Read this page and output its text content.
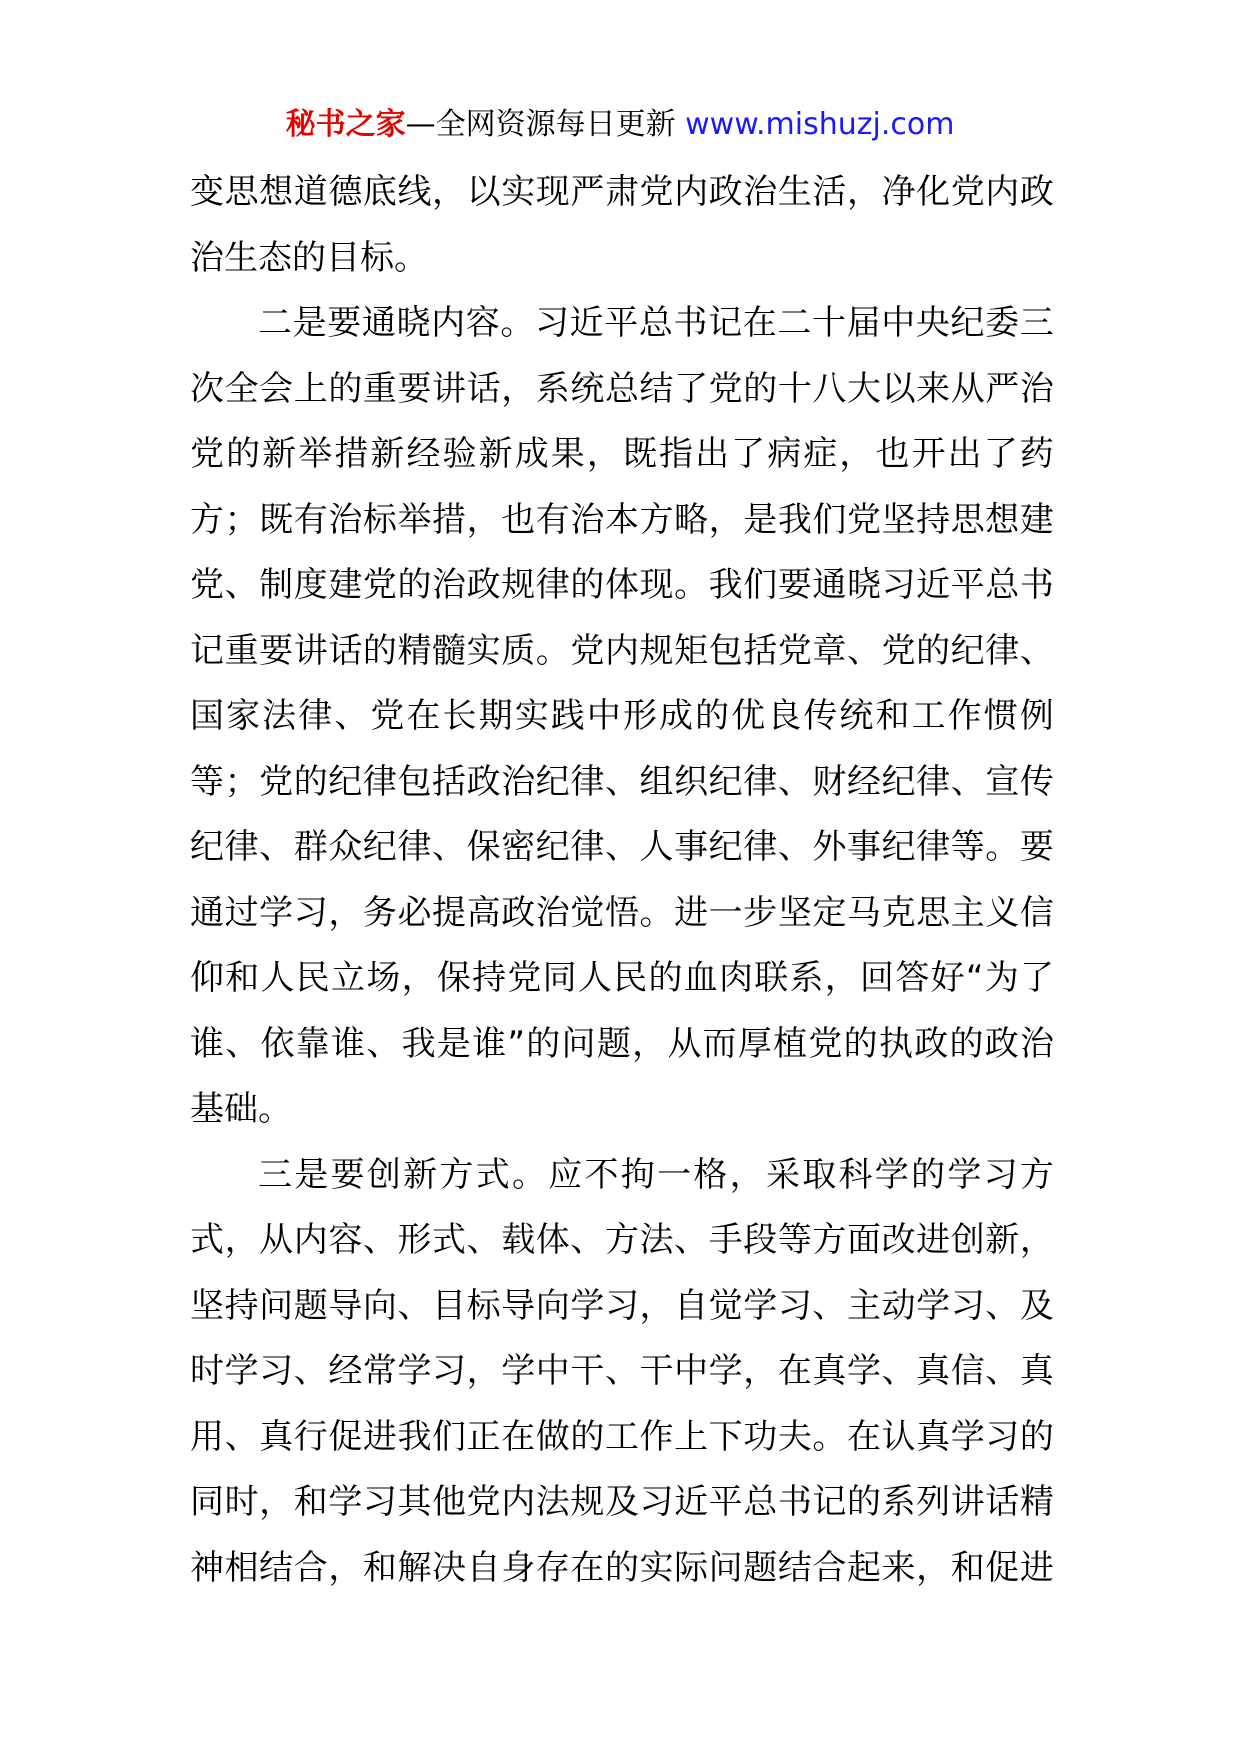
秘书之家—全网资源每日更新 www.mishuzj.com
变 思 想 道 德 底 线 ， 以 实 现 严 肃 党 内 政 治 生 活 ， 净 化 党 内 政
治生态的目标。
二 是 要 通 晓 内 容 。 习 近 平 总 书 记 在 二 十 届 中 央 纪 委 三
次 全 会 上 的 重 要 讲 话 ， 系 统 总 结 了 党 的 十 八 大 以 来 从 严 治
党 的 新 举 措 新 经 验 新 成 果 ， 既 指 出 了 病 症 ， 也 开 出 了 药
方 ； 既 有 治 标 举 措 ， 也 有 治 本 方 略 ， 是 我 们 党 坚 持 思 想 建
党 、 制 度 建 党 的 治 政 规 律 的 体 现 。 我 们 要 通 晓 习 近 平 总 书
记 重 要 讲 话 的 精 髓 实 质 。 党 内 规 矩 包 括 党 章 、 党 的 纪 律 、
国 家 法 律 、 党 在 长 期 实 践 中 形 成 的 优 良 传 统 和 工 作 惯 例
等 ； 党 的 纪 律 包 括 政 治 纪 律 、 组 织 纪 律 、 财 经 纪 律 、 宣 传
纪 律 、 群 众 纪 律 、 保 密 纪 律 、 人 事 纪 律 、 外 事 纪 律 等 。 要
通 过 学 习 ， 务 必 提 高 政 治 觉 悟 。 进 一 步 坚 定 马 克 思 主 义 信
仰 和 人 民 立 场 ， 保 持 党 同 人 民 的 血 肉 联 系 ， 回 答 好 “ 为 了
谁 、 依 靠 谁 、 我 是 谁 ” 的 问 题 ， 从 而 厚 植 党 的 执 政 的 政 治
基础。
三 是 要 创 新 方 式 。 应 不 拘 一 格 ， 采 取 科 学 的 学 习 方
式 ， 从 内 容 、 形 式 、 载 体 、 方 法 、 手 段 等 方 面 改 进 创 新 ，
坚 持 问 题 导 向 、 目 标 导 向 学 习 ， 自 觉 学 习 、 主 动 学 习 、 及
时 学 习 、 经 常 学 习 ， 学 中 干 、 干 中 学 ， 在 真 学 、 真 信 、 真
用 、 真 行 促 进 我 们 正 在 做 的 工 作 上 下 功 夫 。 在 认 真 学 习 的
同 时 ， 和 学 习 其 他 党 内 法 规 及 习 近 平 总 书 记 的 系 列 讲 话 精
神 相 结 合 ， 和 解 决 自 身 存 在 的 实 际 问 题 结 合 起 来 ， 和 促 进
